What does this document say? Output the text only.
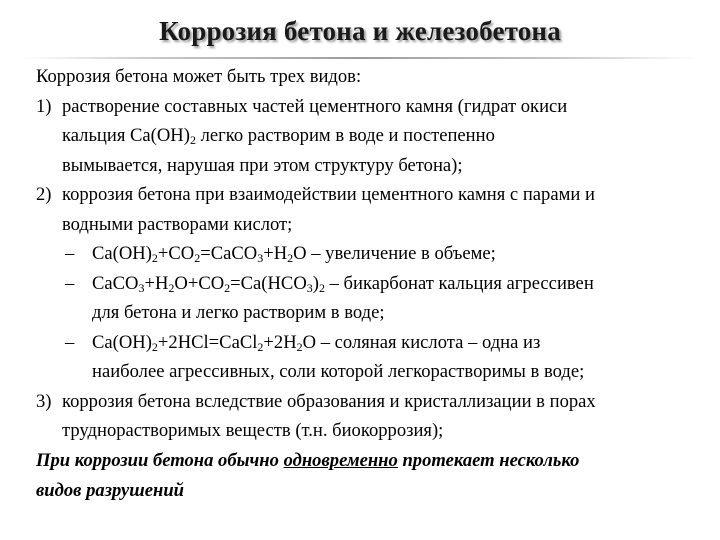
Коррозия бетона и железобетона
Коррозия бетона может быть трех видов:
1) растворение составных частей цементного камня (гидрат окиси
кальция $Ca(OH)_2$ легко растворим в воде и постепенно
вымывается, нарушая при этом структуру бетона);
2) коррозия бетона при взаимодействии цементного камня с парами и
водными растворами кислот;
– $Ca(OH)_2+CO_2=CaCO_3+H_2O$ – увеличение в объеме;
– $CaCO_3+H_2O+CO_2=Ca(HCO_3)_2$ – бикарбонат кальция агрессивен
для бетона и легко растворим в воде;
– $Ca(OH)_2+2HCl=CaCl_2+2H_2O$ – соляная кислота – одна из
наиболее агрессивных, соли которой легкорастворимы в воде;
3) коррозия бетона вследствие образования и кристаллизации в порах
труднорастворимых веществ (т.н. биокоррозия);
При коррозии бетона обычно одновременно протекает несколько
видов разрушений
